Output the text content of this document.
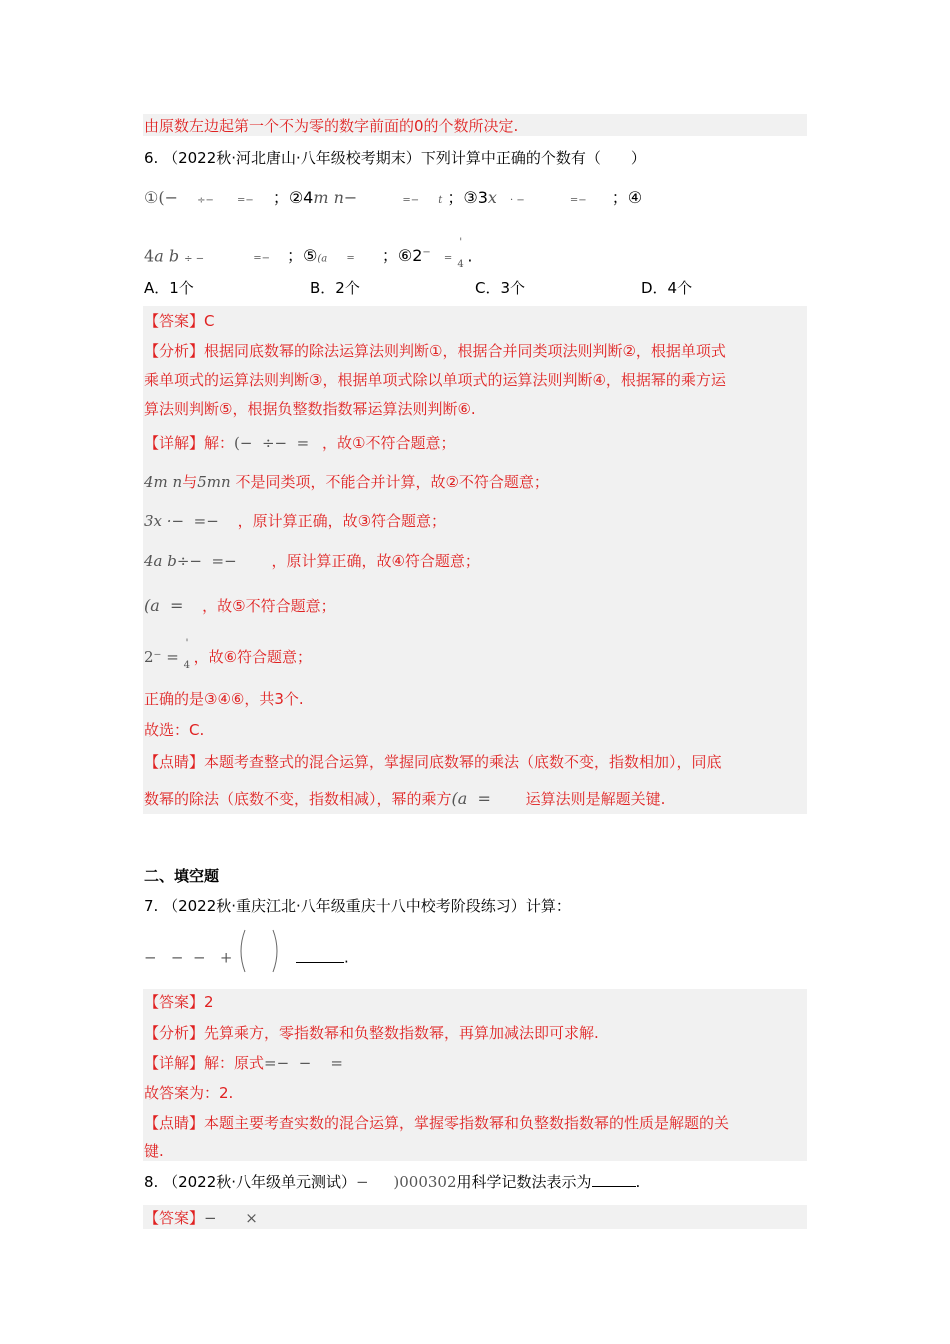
由原数左边起第一个不为零的数字前面的0的个数所决定.
6. （2022秋·河北唐山·八年级校考期末）下列计算中正确的个数有（　　）
①(− ÷− =− ；②4m n−	=− t ；③3x · −	=− ；④
4a b ÷ −	=− ；⑤(a = ；⑥2− =
'
4 .
A．1个	B．2个	C．3个	D．4个
【答案】C
【分析】根据同底数幂的除法运算法则判断①，根据合并同类项法则判断②，根据单项式
乘单项式的运算法则判断③，根据单项式除以单项式的运算法则判断④，根据幂的乘方运
算法则判断⑤，根据负整数指数幂运算法则判断⑥.
【详解】解：(−  ÷−  = ，故①不符合题意；
4m n与5mn 不是同类项，不能合并计算，故②不符合题意；
3x ·−  =− ，原计算正确，故③符合题意；
4a b÷−  =− ，原计算正确，故④符合题意；
(a  = ，故⑤不符合题意；
2⁻ =
'
4 ，故⑥符合题意；
正确的是③④⑥，共3个.
故选：C.
【点睛】本题考查整式的混合运算，掌握同底数幂的乘法（底数不变，指数相加），同底
数幂的除法（底数不变，指数相减），幂的乘方(a  = 运算法则是解题关键.
二、填空题
7. （2022秋·重庆江北·八年级重庆十八中校考阶段练习）计算：
−   −  −   +	.
【答案】2
【分析】先算乘方，零指数幂和负整数指数幂，再算加减法即可求解.
【详解】解：原式=−  −    =
故答案为：2.
【点睛】本题主要考查实数的混合运算，掌握零指数幂和负整数指数幂的性质是解题的关
键.
8. （2022秋·八年级单元测试）− )000302用科学记数法表示为	.
【答案】−      ×
